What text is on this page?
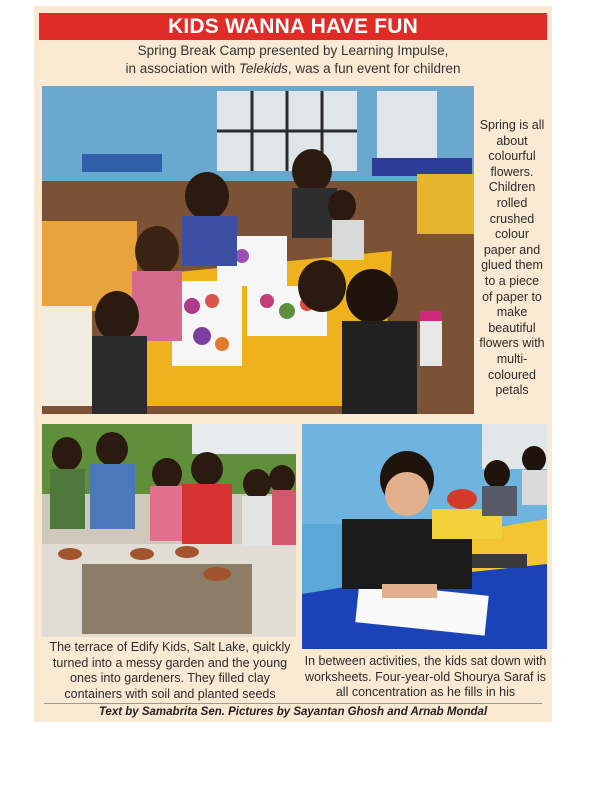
KIDS WANNA HAVE FUN
Spring Break Camp presented by Learning Impulse,
in association with Telekids, was a fun event for children
Spring is all about colourful flowers. Children rolled crushed colour paper and glued them to a piece of paper to make beautiful flowers with multi-coloured petals
The terrace of Edify Kids, Salt Lake, quickly turned into a messy garden and the young ones into gardeners. They filled clay containers with soil and planted seeds
In between activities, the kids sat down with worksheets. Four-year-old Shourya Saraf is all concentration as he fills in his
Text by Samabrita Sen. Pictures by Sayantan Ghosh and Arnab Mondal
